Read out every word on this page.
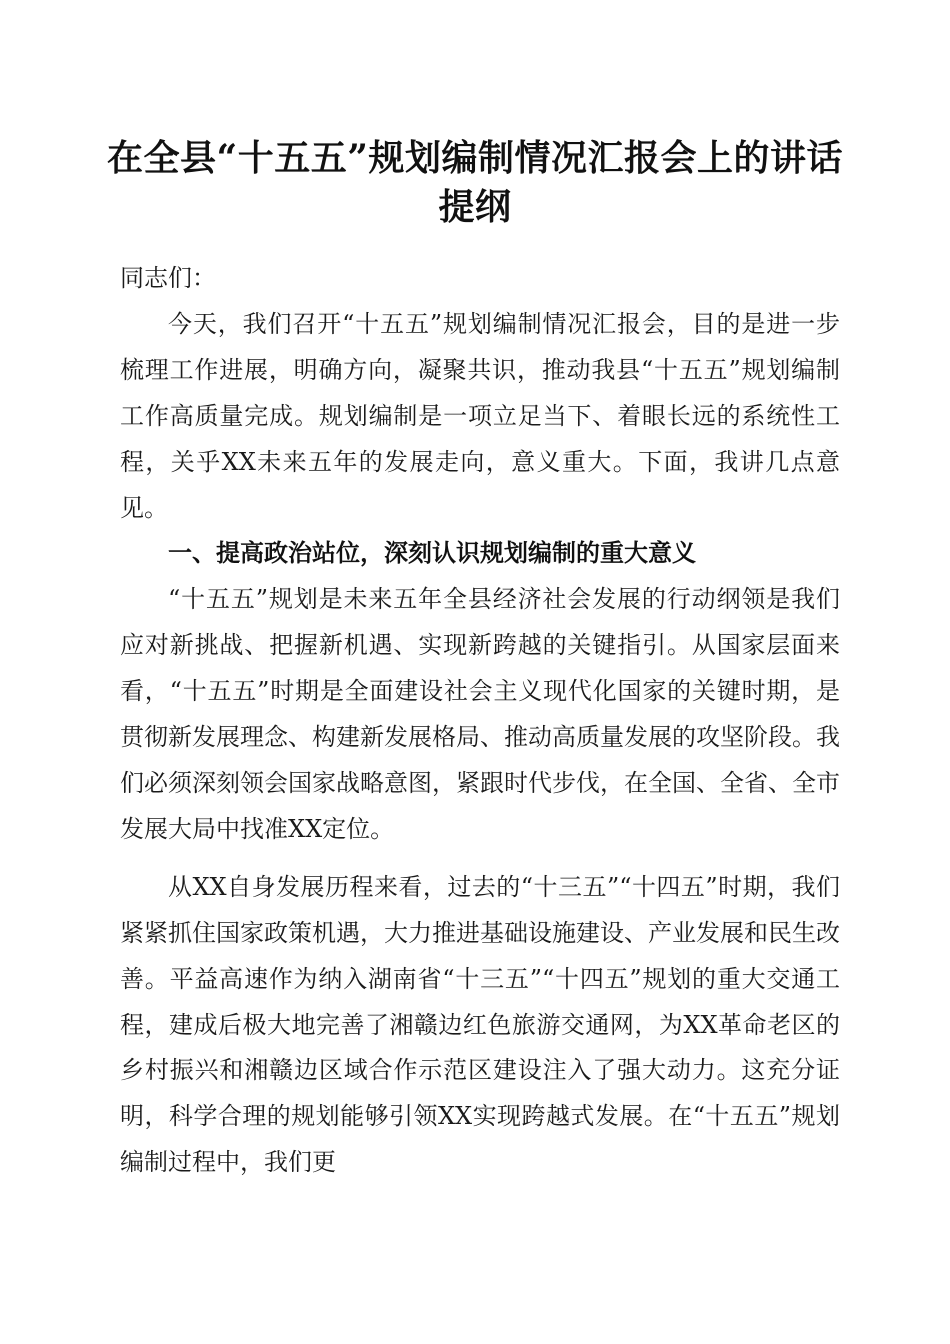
在全县“十五五”规划编制情况汇报会上的讲话提纲

同志们：

今天，我们召开“十五五”规划编制情况汇报会，目的是进一步梳理工作进展，明确方向，凝聚共识，推动我县“十五五”规划编制工作高质量完成。规划编制是一项立足当下、着眼长远的系统性工程，关乎XX未来五年的发展走向，意义重大。下面，我讲几点意见。

一、提高政治站位，深刻认识规划编制的重大意义

“十五五”规划是未来五年全县经济社会发展的行动纲领是我们应对新挑战、把握新机遇、实现新跨越的关键指引。从国家层面来看，“十五五”时期是全面建设社会主义现代化国家的关键时期，是贯彻新发展理念、构建新发展格局、推动高质量发展的攻坚阶段。我们必须深刻领会国家战略意图，紧跟时代步伐，在全国、全省、全市发展大局中找准XX定位。

从XX自身发展历程来看，过去的“十三五”“十四五”时期，我们紧紧抓住国家政策机遇，大力推进基础设施建设、产业发展和民生改善。平益高速作为纳入湖南省“十三五”“十四五”规划的重大交通工程，建成后极大地完善了湘赣边红色旅游交通网，为XX革命老区的乡村振兴和湘赣边区域合作示范区建设注入了强大动力。这充分证明，科学合理的规划能够引领XX实现跨越式发展。在“十五五”规划编制过程中，我们更
